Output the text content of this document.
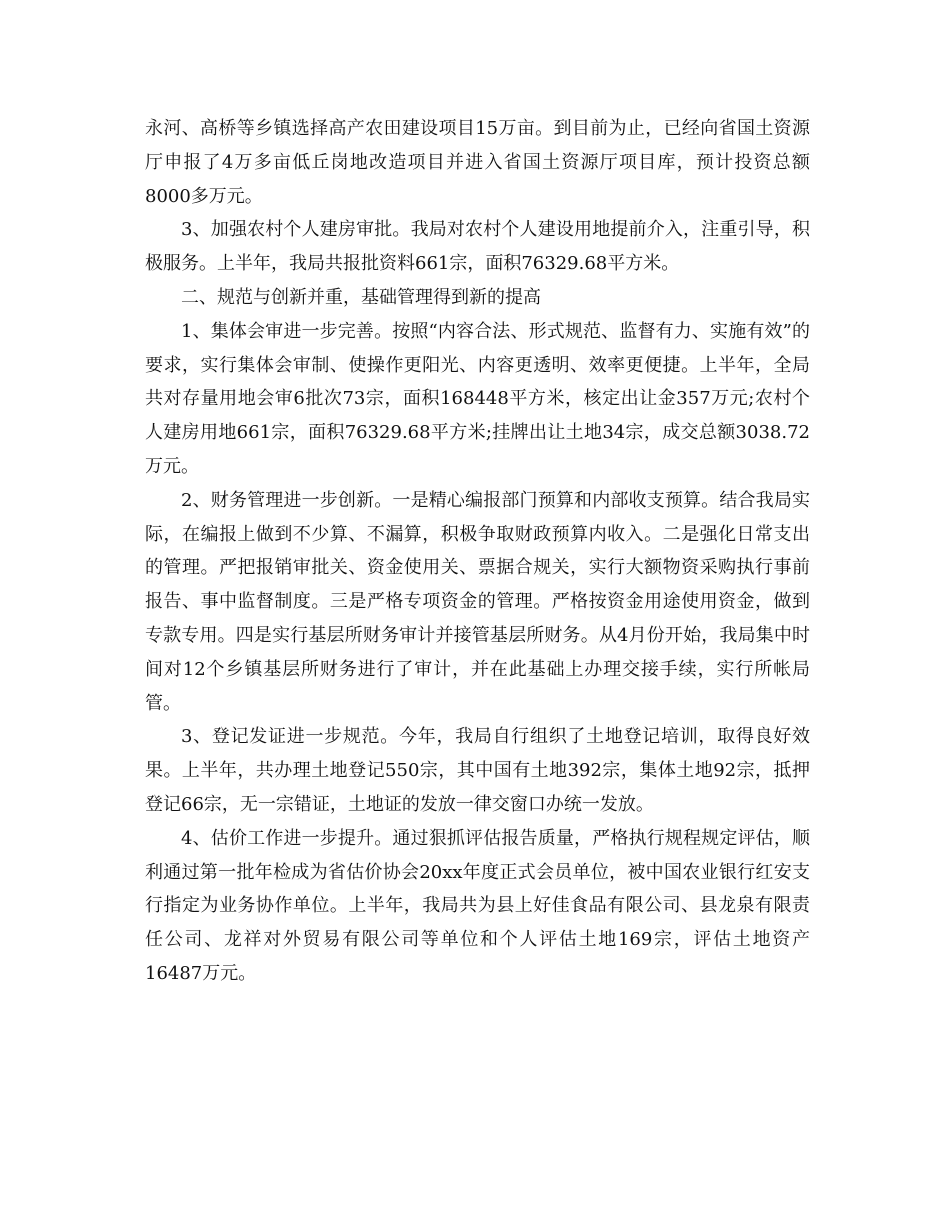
永河、高桥等乡镇选择高产农田建设项目15万亩。到目前为止，已经向省国土资源厅申报了4万多亩低丘岗地改造项目并进入省国土资源厅项目库，预计投资总额8000多万元。

3、加强农村个人建房审批。我局对农村个人建设用地提前介入，注重引导，积极服务。上半年，我局共报批资料661宗，面积76329.68平方米。

二、规范与创新并重，基础管理得到新的提高

1、集体会审进一步完善。按照“内容合法、形式规范、监督有力、实施有效”的要求，实行集体会审制、使操作更阳光、内容更透明、效率更便捷。上半年，全局共对存量用地会审6批次73宗，面积168448平方米，核定出让金357万元;农村个人建房用地661宗，面积76329.68平方米;挂牌出让土地34宗，成交总额3038.72万元。

2、财务管理进一步创新。一是精心编报部门预算和内部收支预算。结合我局实际，在编报上做到不少算、不漏算，积极争取财政预算内收入。二是强化日常支出的管理。严把报销审批关、资金使用关、票据合规关，实行大额物资采购执行事前报告、事中监督制度。三是严格专项资金的管理。严格按资金用途使用资金，做到专款专用。四是实行基层所财务审计并接管基层所财务。从4月份开始，我局集中时间对12个乡镇基层所财务进行了审计，并在此基础上办理交接手续，实行所帐局管。

3、登记发证进一步规范。今年，我局自行组织了土地登记培训，取得良好效果。上半年，共办理土地登记550宗，其中国有土地392宗，集体土地92宗，抵押登记66宗，无一宗错证，土地证的发放一律交窗口办统一发放。

4、估价工作进一步提升。通过狠抓评估报告质量，严格执行规程规定评估，顺利通过第一批年检成为省估价协会20xx年度正式会员单位，被中国农业银行红安支行指定为业务协作单位。上半年，我局共为县上好佳食品有限公司、县龙泉有限责任公司、龙祥对外贸易有限公司等单位和个人评估土地169宗，评估土地资产16487万元。
